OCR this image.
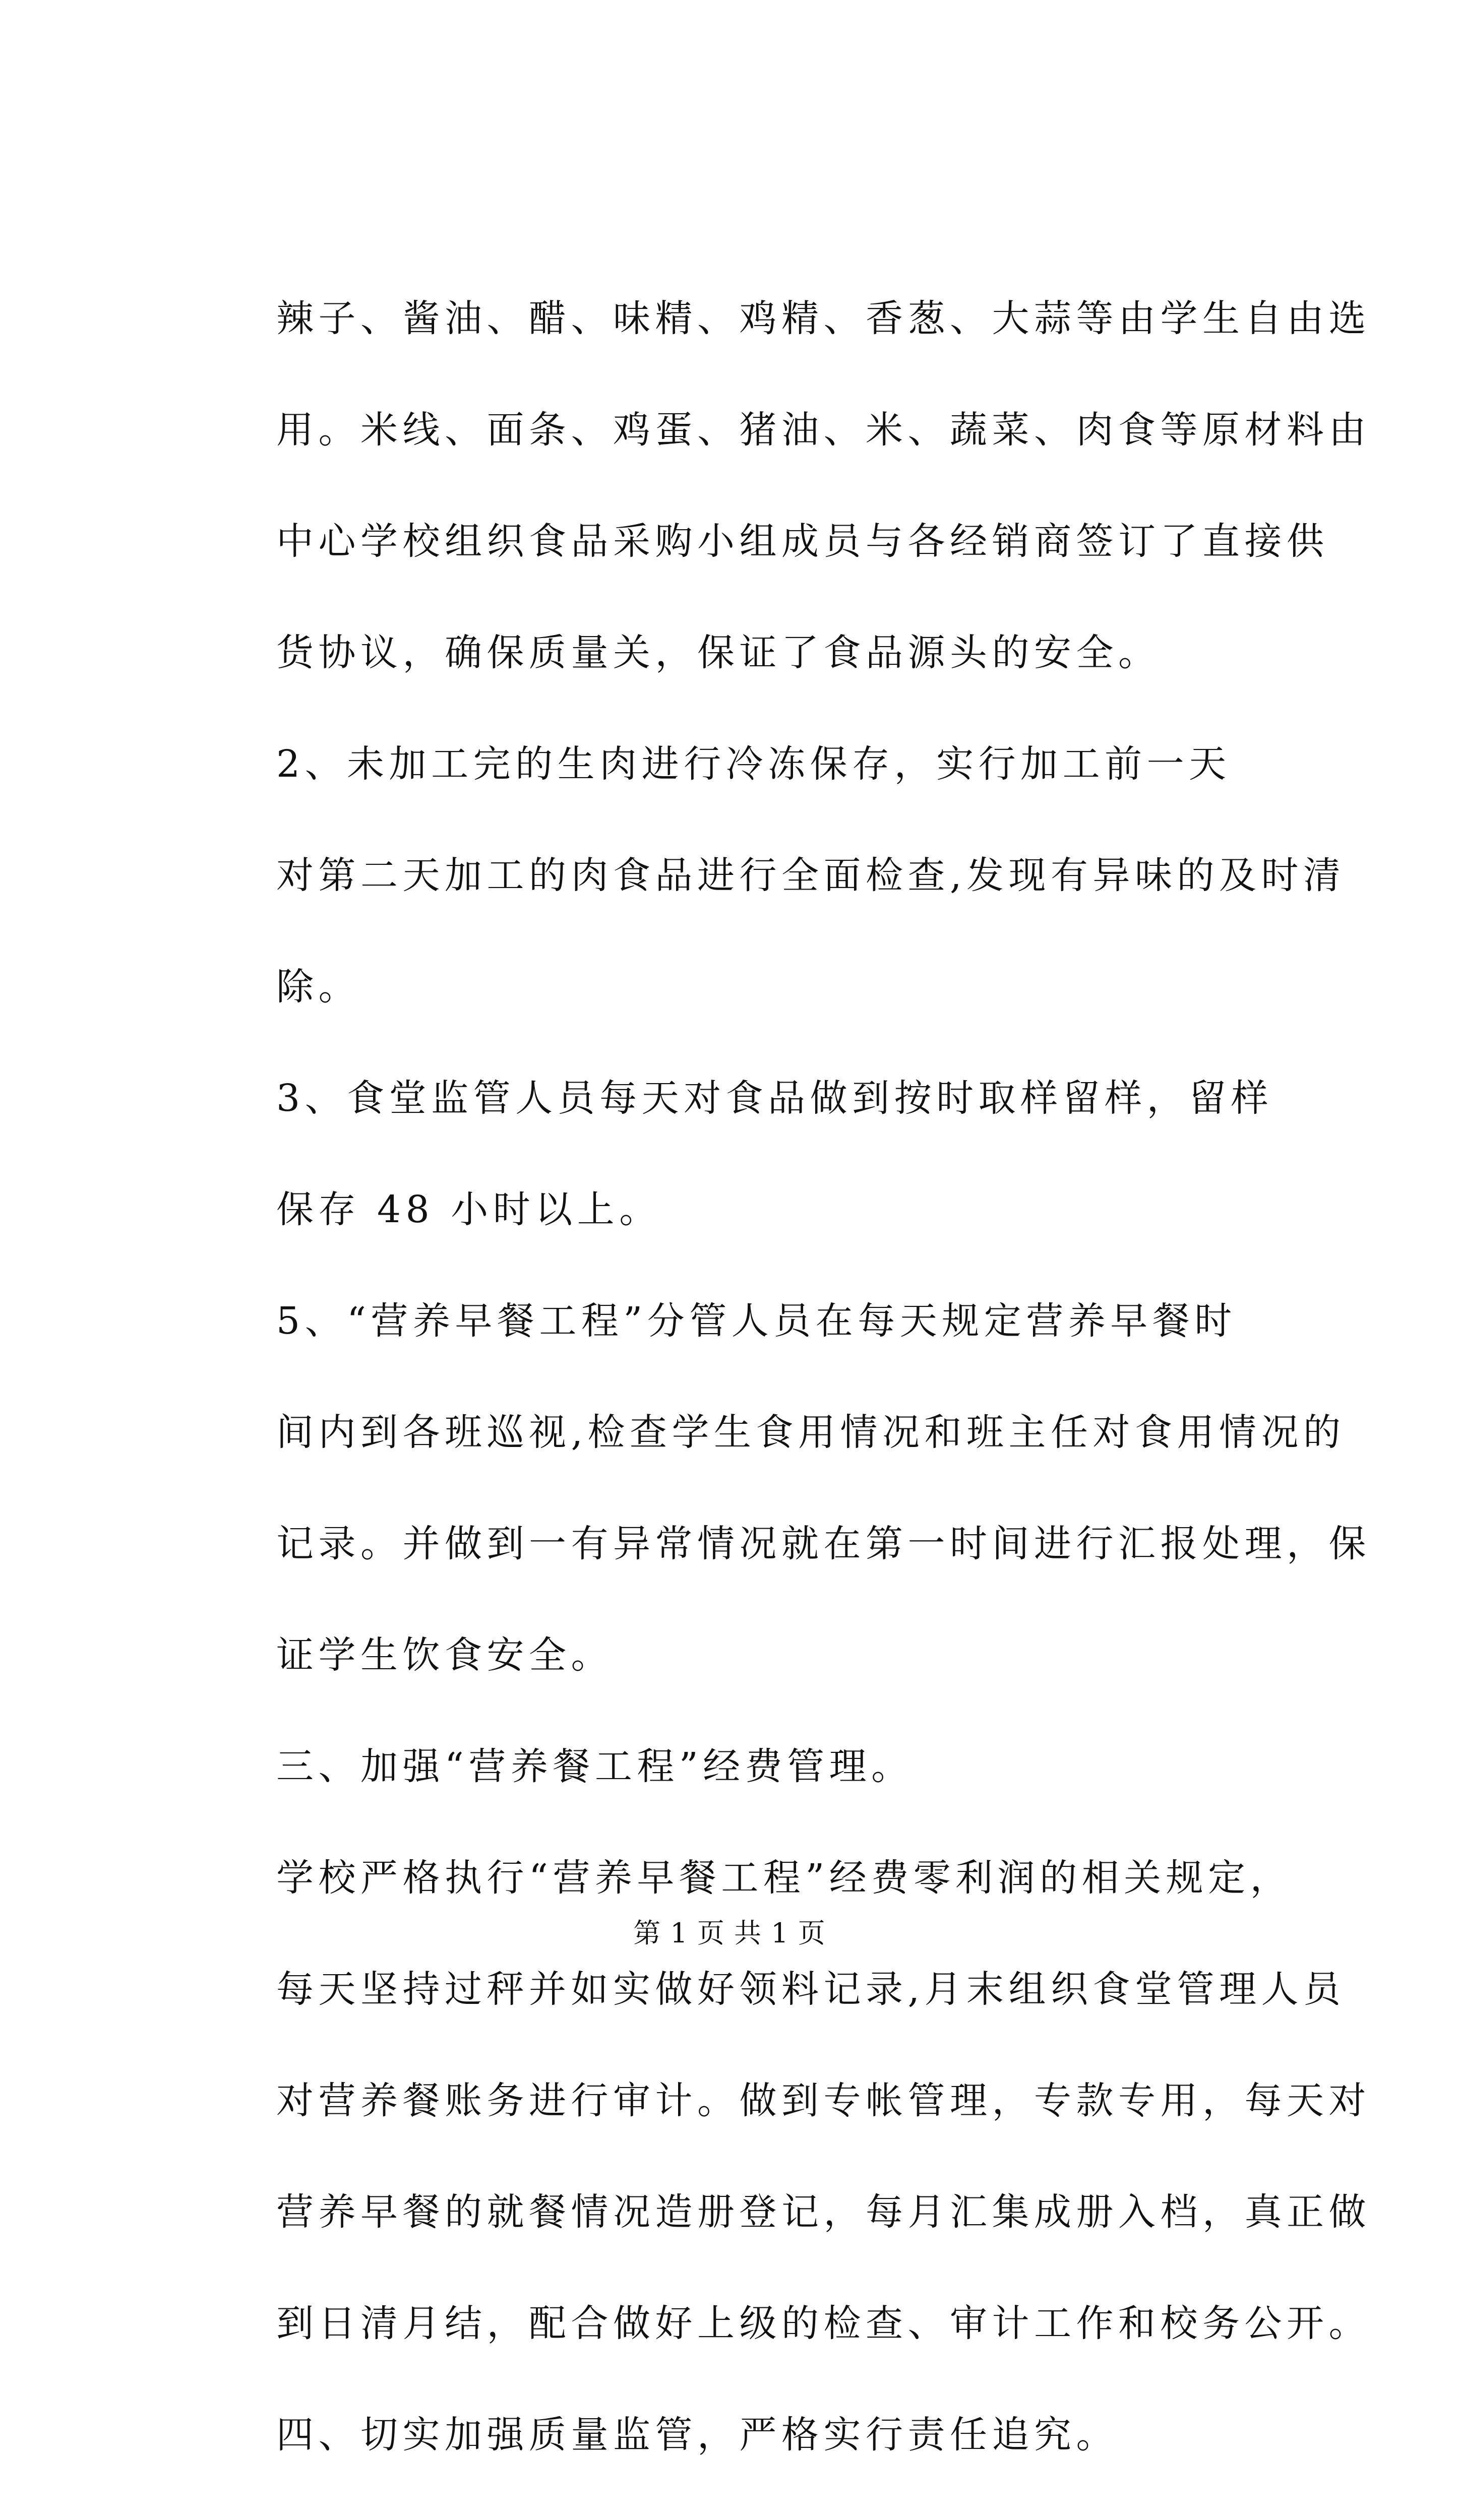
辣子、酱油、醋、味精、鸡精、香葱、大蒜等由学生自由选
用。米线、面条、鸡蛋、猪油、米、蔬菜、肉食等原材料由
中心学校组织食品采购小组成员与各经销商签订了直接供
货协议，确保质量关，保证了食品源头的安全。
2、未加工完的生肉进行冷冻保存，实行加工前一天
对第二天加工的肉食品进行全面检查,发现有异味的及时清
除。
3、食堂监管人员每天对食品做到按时取样留样，留样
保存 48 小时以上。
5、“营养早餐工程”分管人员在每天规定营养早餐时
间内到各班巡视,检查学生食用情况和班主任对食用情况的
记录。并做到一有异常情况就在第一时间进行汇报处理，保
证学生饮食安全。
三、加强“营养餐工程”经费管理。
学校严格执行“营养早餐工程”经费零利润的相关规定，
每天坚持过秤并如实做好领料记录,月末组织食堂管理人员
对营养餐账务进行审计。做到专帐管理，专款专用，每天对
营养早餐的就餐情况造册登记，每月汇集成册入档，真正做
到日清月结，配合做好上级的检查、审计工作和校务公开。
四、切实加强质量监管，严格实行责任追究。
第 1 页 共 1 页
